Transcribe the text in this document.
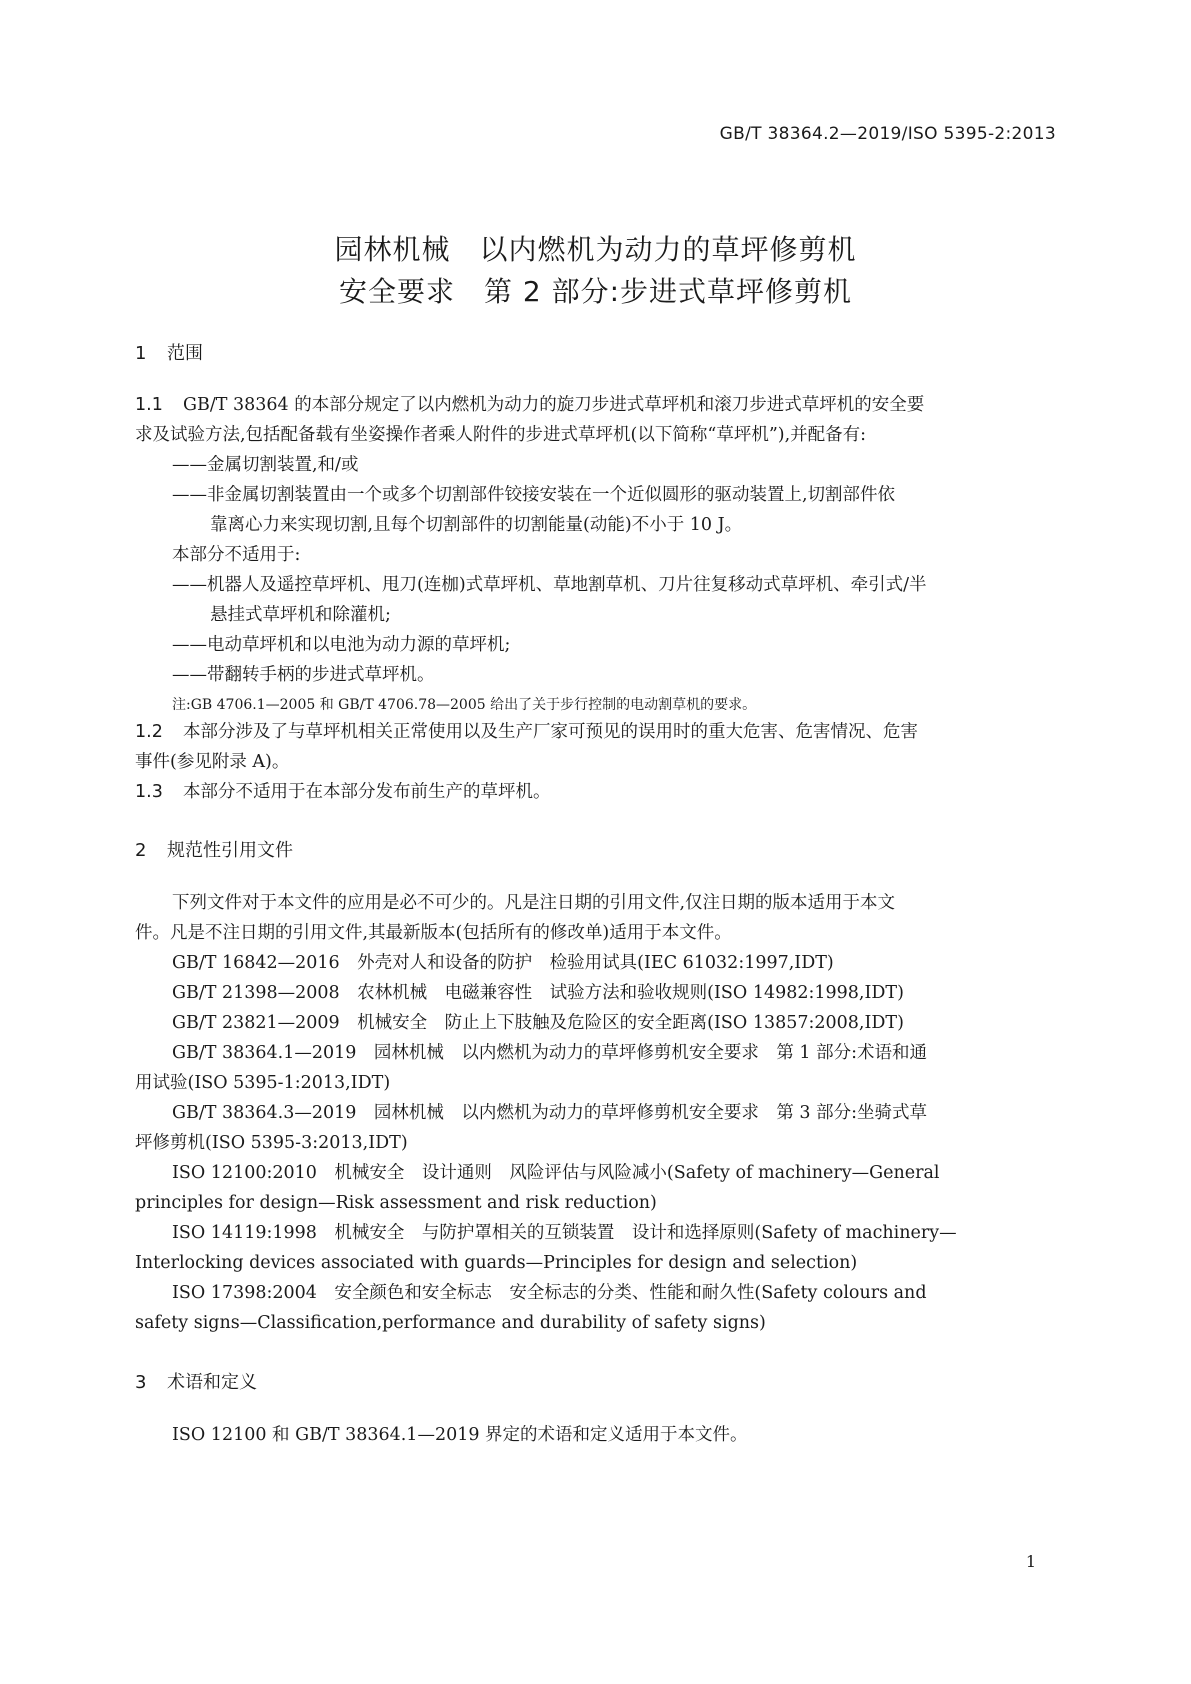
GB/T 38364.2—2019/ISO 5395-2:2013
园林机械　以内燃机为动力的草坪修剪机
安全要求　第 2 部分:步进式草坪修剪机
1 范围
1.1 GB/T 38364 的本部分规定了以内燃机为动力的旋刀步进式草坪机和滚刀步进式草坪机的安全要
求及试验方法,包括配备载有坐姿操作者乘人附件的步进式草坪机(以下简称“草坪机”),并配备有:
——金属切割装置,和/或
——非金属切割装置由一个或多个切割部件铰接安装在一个近似圆形的驱动装置上,切割部件依
靠离心力来实现切割,且每个切割部件的切割能量(动能)不小于 10 J。
本部分不适用于:
——机器人及遥控草坪机、甩刀(连枷)式草坪机、草地割草机、刀片往复移动式草坪机、牵引式/半
悬挂式草坪机和除灌机;
——电动草坪机和以电池为动力源的草坪机;
——带翻转手柄的步进式草坪机。
注:GB 4706.1—2005 和 GB/T 4706.78—2005 给出了关于步行控制的电动割草机的要求。
1.2 本部分涉及了与草坪机相关正常使用以及生产厂家可预见的误用时的重大危害、危害情况、危害
事件(参见附录 A)。
1.3 本部分不适用于在本部分发布前生产的草坪机。
2 规范性引用文件
下列文件对于本文件的应用是必不可少的。凡是注日期的引用文件,仅注日期的版本适用于本文
件。凡是不注日期的引用文件,其最新版本(包括所有的修改单)适用于本文件。
GB/T 16842—2016　外壳对人和设备的防护　检验用试具(IEC 61032:1997,IDT)
GB/T 21398—2008　农林机械　电磁兼容性　试验方法和验收规则(ISO 14982:1998,IDT)
GB/T 23821—2009　机械安全　防止上下肢触及危险区的安全距离(ISO 13857:2008,IDT)
GB/T 38364.1—2019　园林机械　以内燃机为动力的草坪修剪机安全要求　第 1 部分:术语和通
用试验(ISO 5395-1:2013,IDT)
GB/T 38364.3—2019　园林机械　以内燃机为动力的草坪修剪机安全要求　第 3 部分:坐骑式草
坪修剪机(ISO 5395-3:2013,IDT)
ISO 12100:2010　机械安全　设计通则　风险评估与风险减小(Safety of machinery—General
principles for design—Risk assessment and risk reduction)
ISO 14119:1998　机械安全　与防护罩相关的互锁装置　设计和选择原则(Safety of machinery—
Interlocking devices associated with guards—Principles for design and selection)
ISO 17398:2004　安全颜色和安全标志　安全标志的分类、性能和耐久性(Safety colours and
safety signs—Classification,performance and durability of safety signs)
3 术语和定义
ISO 12100 和 GB/T 38364.1—2019 界定的术语和定义适用于本文件。
1
